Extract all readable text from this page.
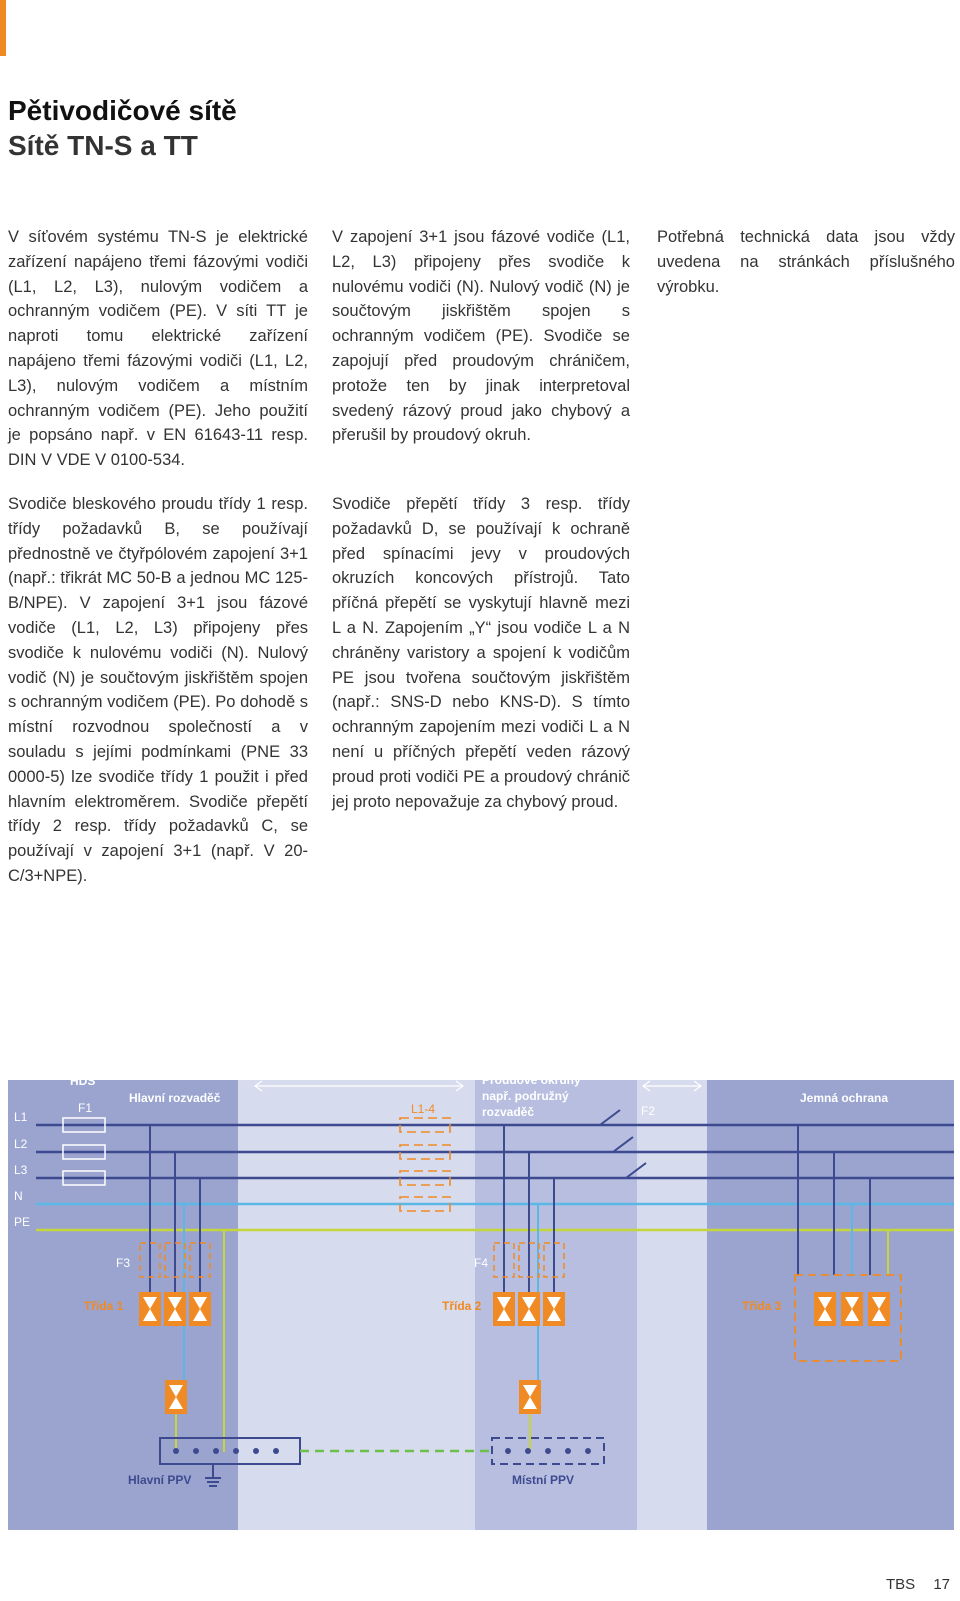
Pětivodičové sítě
Sítě TN-S a TT

V síťovém systému TN-S je elektrické zařízení napájeno třemi fázovými vodiči (L1, L2, L3), nulovým vodičem a ochranným vodičem (PE). V síti TT je naproti tomu elektrické zařízení napájeno třemi fázovými vodiči (L1, L2, L3), nulovým vodičem a místním ochranným vodičem (PE). Jeho použití je popsáno např. v EN 61643-11 resp. DIN V VDE V 0100-534.

Svodiče bleskového proudu třídy 1 resp. třídy požadavků B, se používají přednostně ve čtyřpólovém zapojení 3+1 (např.: třikrát MC 50-B a jednou MC 125-B/NPE). V zapojení 3+1 jsou fázové vodiče (L1, L2, L3) připojeny přes svodiče k nulovému vodiči (N). Nulový vodič (N) je součtovým jiskřištěm spojen s ochranným vodičem (PE). Po dohodě s místní rozvodnou společností a v souladu s jejími podmínkami (PNE 33 0000-5) lze svodiče třídy 1 použit i před hlavním elektroměrem. Svodiče přepětí třídy 2 resp. třídy požadavků C, se používají v zapojení 3+1 (např. V 20-C/3+NPE).

V zapojení 3+1 jsou fázové vodiče (L1, L2, L3) připojeny přes svodiče k nulovému vodiči (N). Nulový vodič (N) je součtovým jiskřištěm spojen s ochranným vodičem (PE). Svodiče se zapojují před proudovým chráničem, protože ten by jinak interpretoval svedený rázový proud jako chybový a přerušil by proudový okruh.

Svodiče přepětí třídy 3 resp. třídy požadavků D, se používají k ochraně před spínacími jevy v proudových okruzích koncových přístrojů. Tato příčná přepětí se vyskytují hlavně mezi L a N. Zapojením „Y“ jsou vodiče L a N chráněny varistory a spojení k vodičům PE jsou tvořena součtovým jiskřištěm (např.: SNS-D nebo KNS-D). S tímto ochranným zapojením mezi vodiči L a N není u příčných přepětí veden rázový proud proti vodiči PE a proudový chránič jej proto nepovažuje za chybový proud.

Potřebná technická data jsou vždy uvedena na stránkách příslušného výrobku.

L1
L2
L3
N
PE
HDS
F1
Hlavní rozvaděč
Délka vedení
L1-4
Proudové okruhy
např. podružný
rozvaděč
Délka vedení
F2
Jemná ochrana
F3	F4
Třída 1	Třída 2	Třída 3
Hlavní PPV	Místní PPV
TBS 17
